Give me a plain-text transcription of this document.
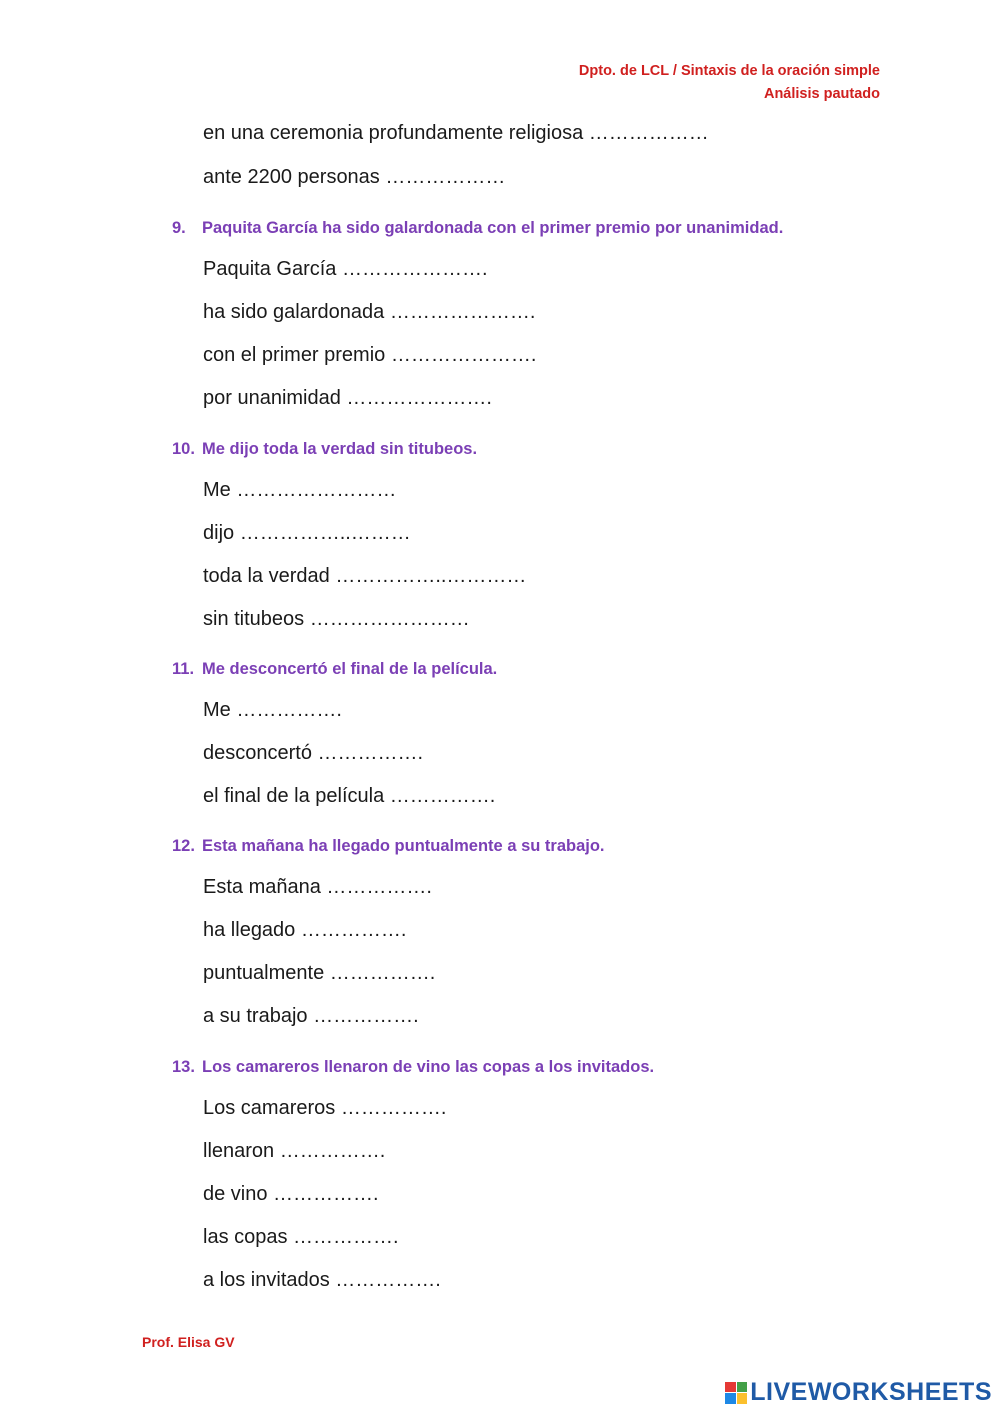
Dpto. de LCL / Sintaxis de la oración simple
Análisis pautado
en una ceremonia profundamente religiosa ………………
ante 2200 personas ………………
9. Paquita García ha sido galardonada con el primer premio por unanimidad.
Paquita García ………………….
ha sido galardonada ………………….
con el primer premio ………………….
por unanimidad ………………….
10. Me dijo toda la verdad sin titubeos.
Me ……………………
dijo ……………..………
toda la verdad ……………..…………
sin titubeos ……………………
11. Me desconcertó el final de la película.
Me …………….
desconcertó …………….
el final de la película …………….
12. Esta mañana ha llegado puntualmente a su trabajo.
Esta mañana …………….
ha llegado …………….
puntualmente …………….
a su trabajo …………….
13. Los camareros llenaron de vino las copas a los invitados.
Los camareros …………….
llenaron …………….
de vino …………….
las copas …………….
a los invitados …………….
Prof. Elisa GV
LIVEWORKSHEETS
